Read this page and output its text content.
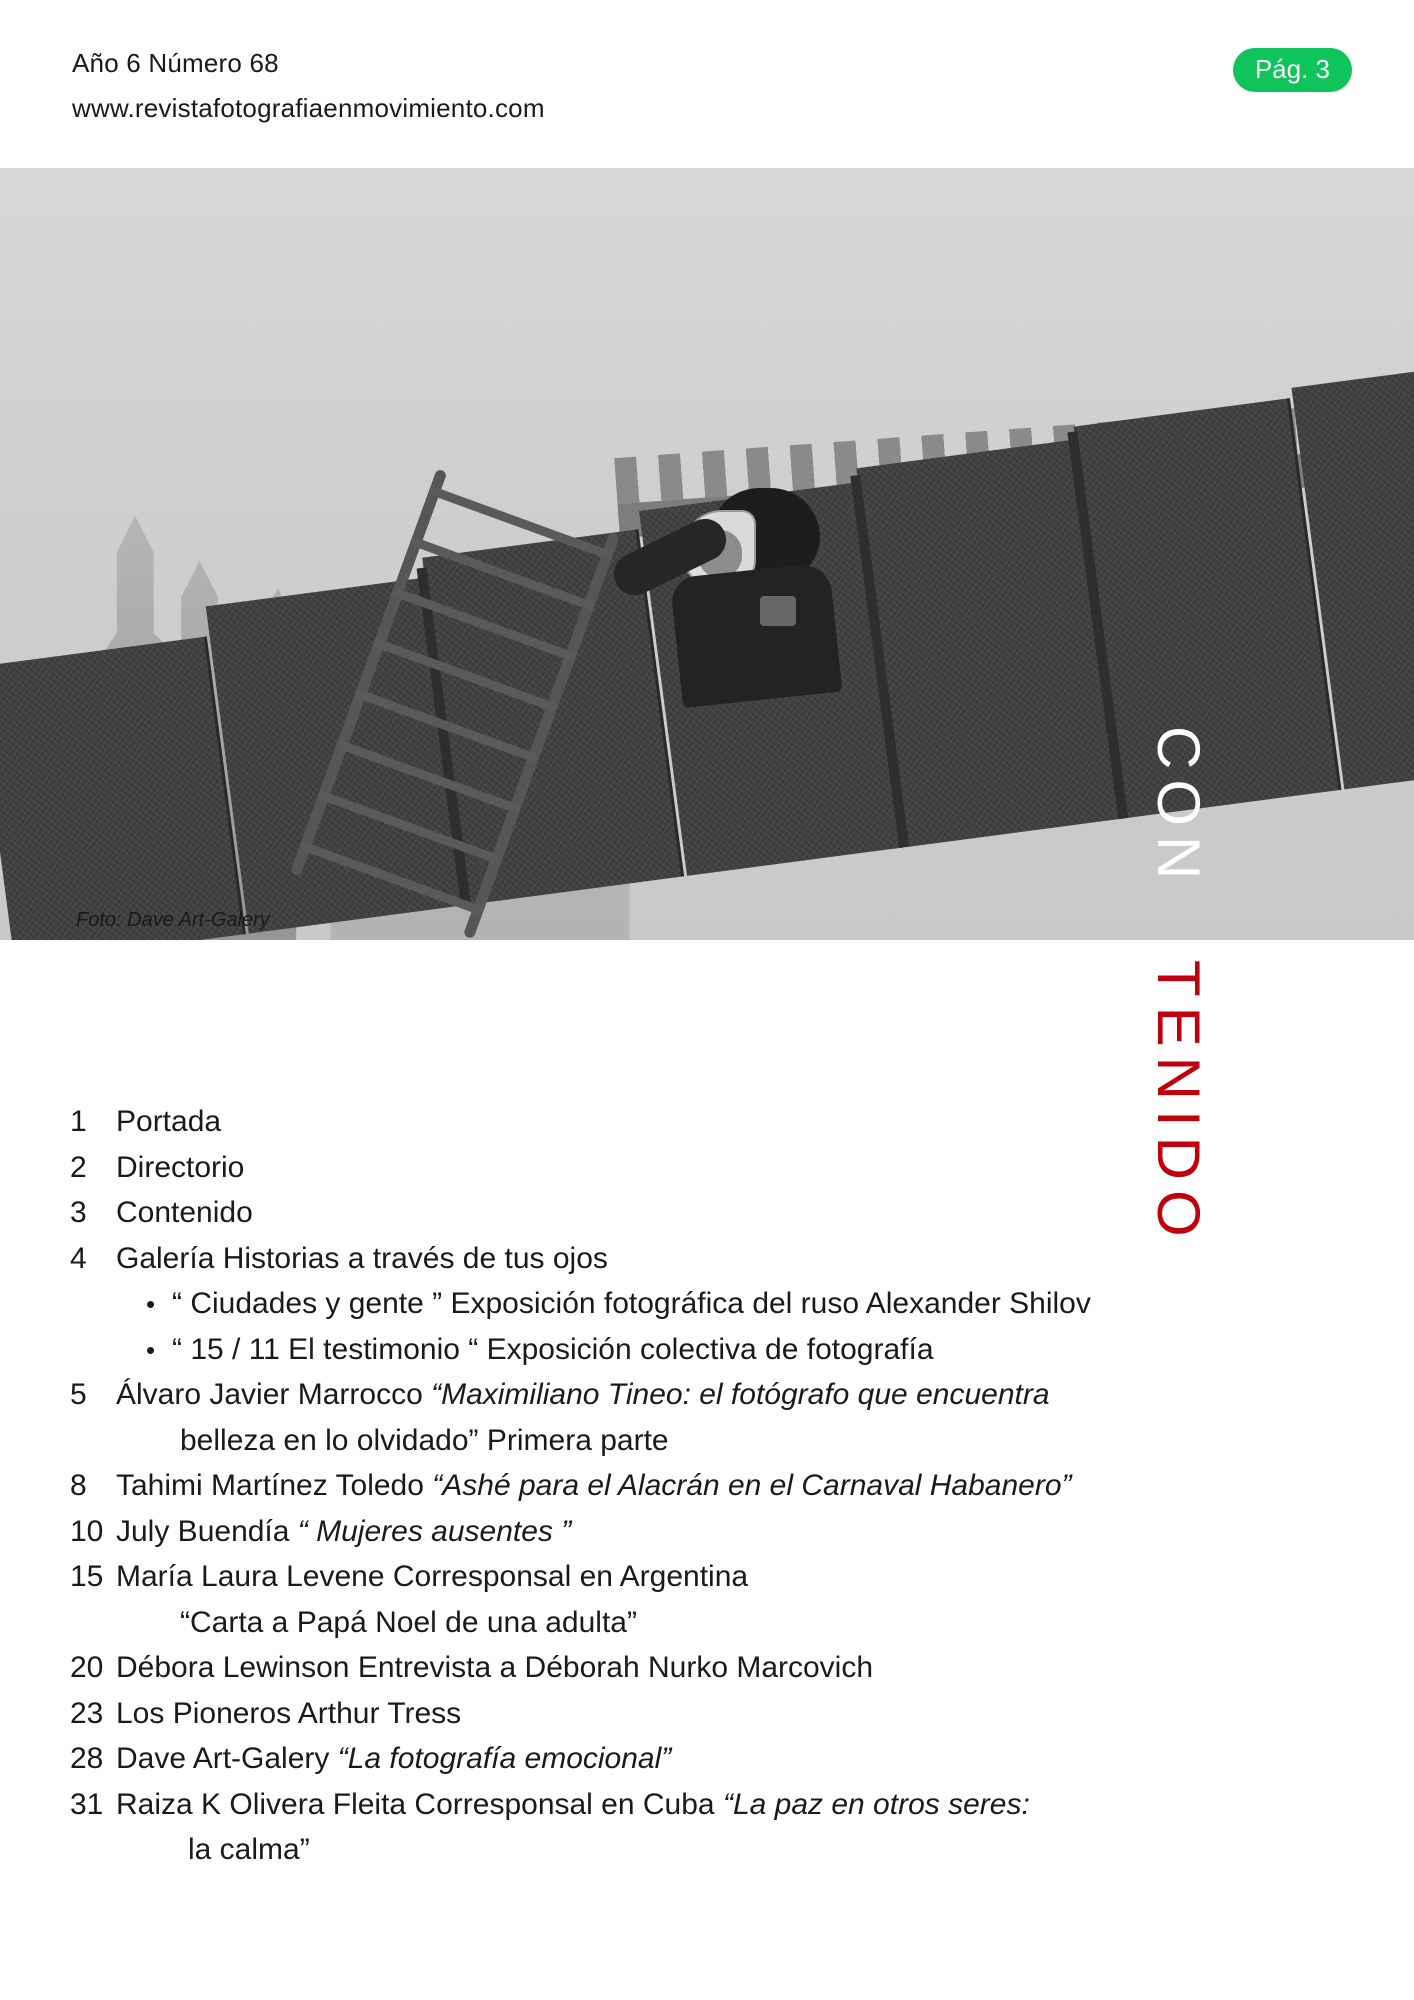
Año 6 Número 68

www.revistafotografiaenmovimiento.com

Pág. 3
Foto: Dave Art-Galery
CON
TENIDO
1 Portada
2 Directorio
3 Contenido
4 Galería Historias a través de tus ojos
• “ Ciudades y gente ” Exposición fotográfica del ruso Alexander Shilov
• “ 15 / 11 El testimonio “ Exposición colectiva de fotografía
5 Álvaro Javier Marrocco “Maximiliano Tineo: el fotógrafo que encuentra
belleza en lo olvidado” Primera parte
8 Tahimi Martínez Toledo “Ashé para el Alacrán en el Carnaval Habanero”
10 July Buendía “ Mujeres ausentes ”
15 María Laura Levene Corresponsal en Argentina
“Carta a Papá Noel de una adulta”
20 Débora Lewinson Entrevista a Déborah Nurko Marcovich
23 Los Pioneros Arthur Tress
28 Dave Art-Galery “La fotografía emocional”
31 Raiza K Olivera Fleita Corresponsal en Cuba “La paz en otros seres:
la calma”
